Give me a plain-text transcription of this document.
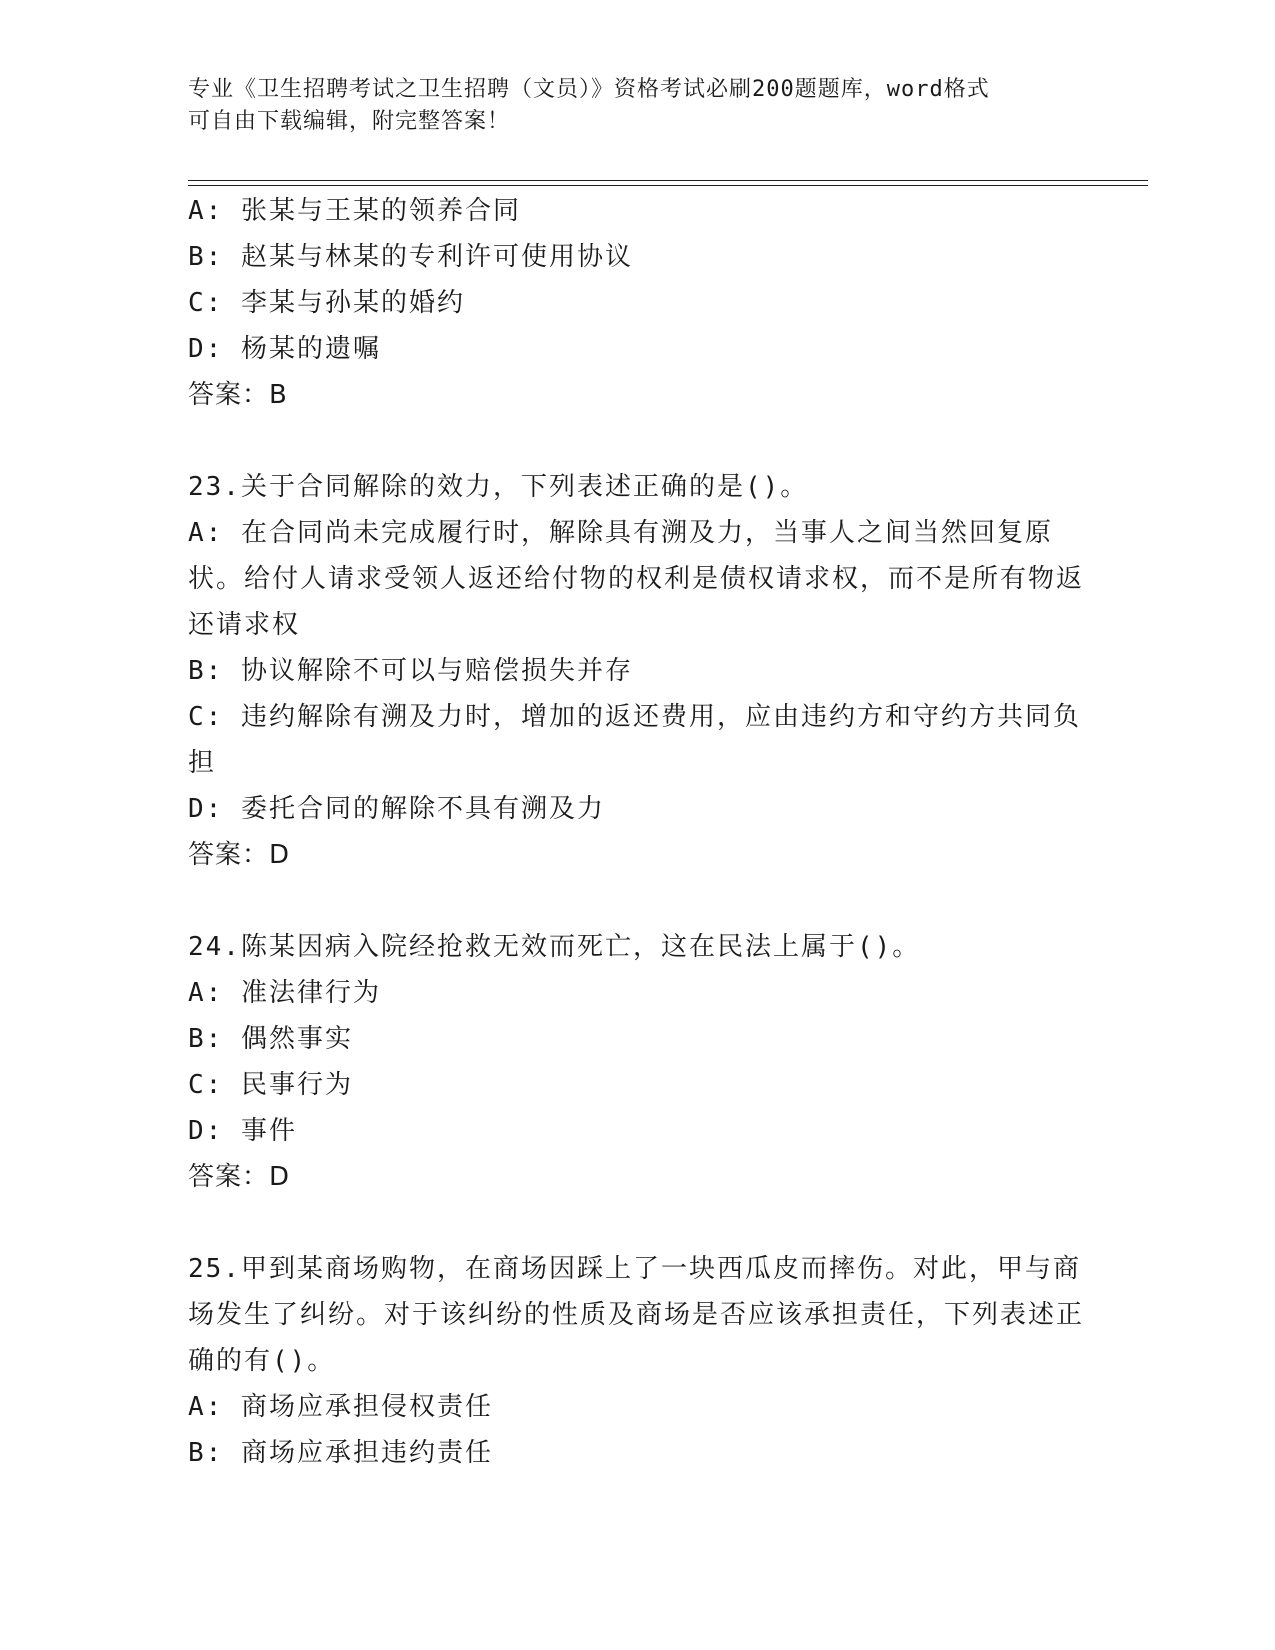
专业《卫生招聘考试之卫生招聘（文员）》资格考试必刷200题题库，word格式

可自由下载编辑，附完整答案！

A: 张某与王某的领养合同

B: 赵某与林某的专利许可使用协议

C: 李某与孙某的婚约

D: 杨某的遗嘱

答案：B

23.关于合同解除的效力，下列表述正确的是()。

A: 在合同尚未完成履行时，解除具有溯及力，当事人之间当然回复原状。给付人请求受领人返还给付物的权利是债权请求权，而不是所有物返还请求权

B: 协议解除不可以与赔偿损失并存

C: 违约解除有溯及力时，增加的返还费用，应由违约方和守约方共同负担

D: 委托合同的解除不具有溯及力

答案：D

24.陈某因病入院经抢救无效而死亡，这在民法上属于()。

A: 准法律行为

B: 偶然事实

C: 民事行为

D: 事件

答案：D

25.甲到某商场购物，在商场因踩上了一块西瓜皮而摔伤。对此，甲与商场发生了纠纷。对于该纠纷的性质及商场是否应该承担责任，下列表述正确的有()。

A: 商场应承担侵权责任

B: 商场应承担违约责任
